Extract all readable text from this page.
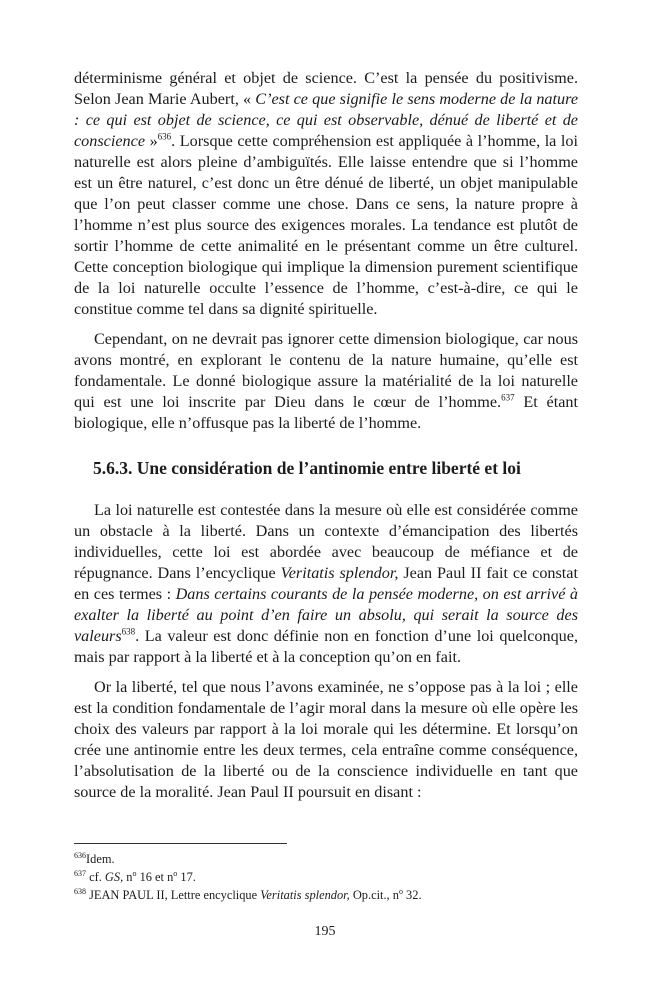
déterminisme général et objet de science. C’est la pensée du positivisme. Selon Jean Marie Aubert, « C’est ce que signifie le sens moderne de la nature : ce qui est objet de science, ce qui est observable, dénué de liberté et de conscience »$^{636}$. Lorsque cette compréhension est appliquée à l’homme, la loi naturelle est alors pleine d’ambiguïtés. Elle laisse entendre que si l’homme est un être naturel, c’est donc un être dénué de liberté, un objet manipulable que l’on peut classer comme une chose. Dans ce sens, la nature propre à l’homme n’est plus source des exigences morales. La tendance est plutôt de sortir l’homme de cette animalité en le présentant comme un être culturel. Cette conception biologique qui implique la dimension purement scientifique de la loi naturelle occulte l’essence de l’homme, c’est-à-dire, ce qui le constitue comme tel dans sa dignité spirituelle.

Cependant, on ne devrait pas ignorer cette dimension biologique, car nous avons montré, en explorant le contenu de la nature humaine, qu’elle est fondamentale. Le donné biologique assure la matérialité de la loi naturelle qui est une loi inscrite par Dieu dans le cœur de l’homme.$^{637}$ Et étant biologique, elle n’offusque pas la liberté de l’homme.

5.6.3. Une considération de l’antinomie entre liberté et loi

La loi naturelle est contestée dans la mesure où elle est considérée comme un obstacle à la liberté. Dans un contexte d’émancipation des libertés individuelles, cette loi est abordée avec beaucoup de méfiance et de répugnance. Dans l’encyclique Veritatis splendor, Jean Paul II fait ce constat en ces termes : Dans certains courants de la pensée moderne, on est arrivé à exalter la liberté au point d’en faire un absolu, qui serait la source des valeurs$^{638}$. La valeur est donc définie non en fonction d’une loi quelconque, mais par rapport à la liberté et à la conception qu’on en fait.

Or la liberté, tel que nous l’avons examinée, ne s’oppose pas à la loi ; elle est la condition fondamentale de l’agir moral dans la mesure où elle opère les choix des valeurs par rapport à la loi morale qui les détermine. Et lorsqu’on crée une antinomie entre les deux termes, cela entraîne comme conséquence, l’absolutisation de la liberté ou de la conscience individuelle en tant que source de la moralité. Jean Paul II poursuit en disant :

$^{636}$Idem.
$^{637}$ cf. GS, $n^o$ 16 et $n^o$ 17.
$^{638}$ JEAN PAUL II, Lettre encyclique Veritatis splendor, Op.cit., $n^o$ 32.
195
